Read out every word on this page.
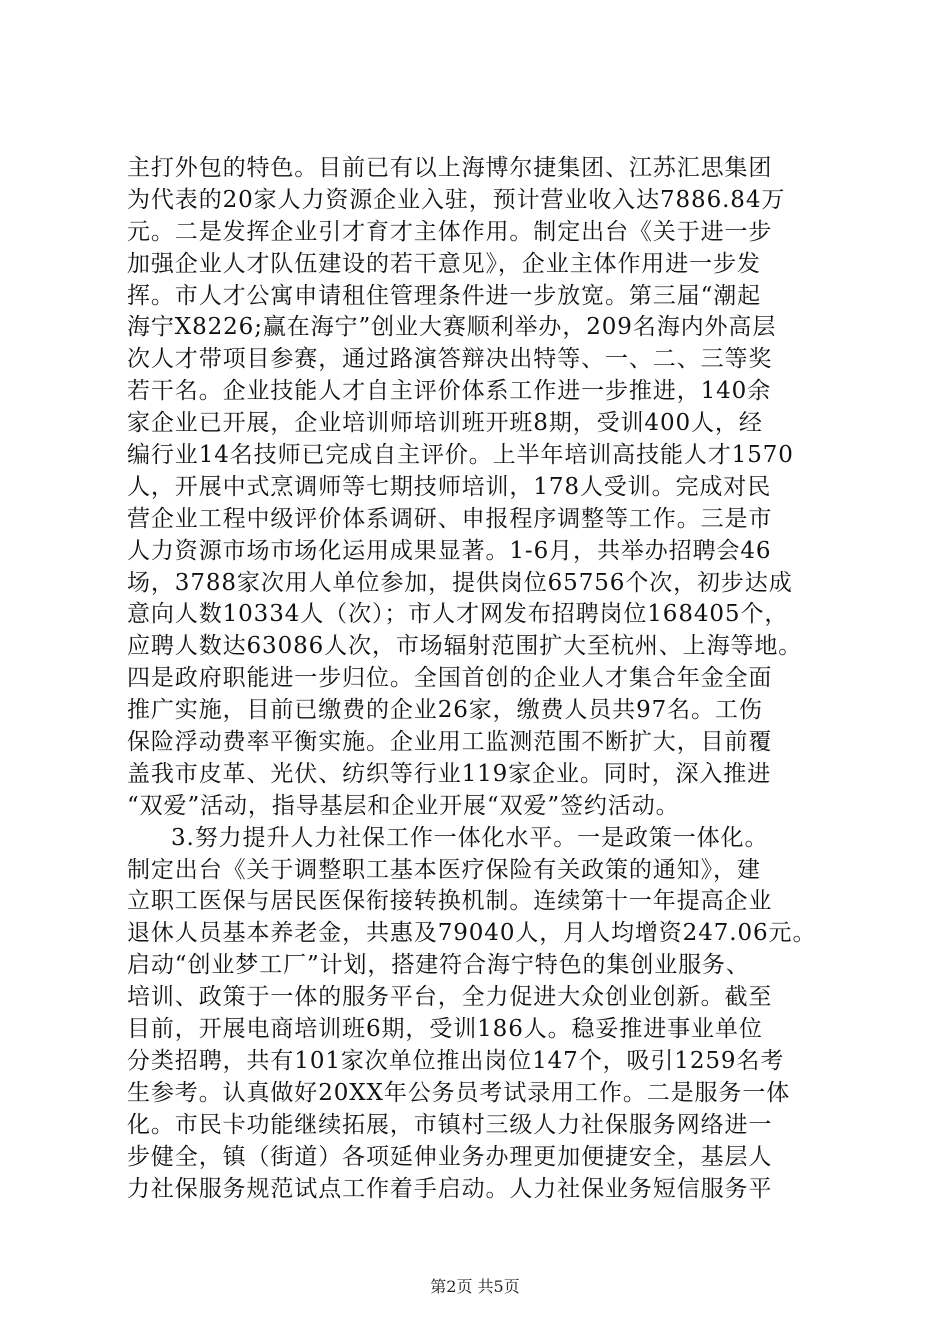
主打外包的特色。目前已有以上海博尔捷集团、江苏汇思集团
为代表的20家人力资源企业入驻，预计营业收入达7886.84万
元。二是发挥企业引才育才主体作用。制定出台《关于进一步
加强企业人才队伍建设的若干意见》，企业主体作用进一步发
挥。市人才公寓申请租住管理条件进一步放宽。第三届“潮起
海宁X8226;赢在海宁”创业大赛顺利举办，209名海内外高层
次人才带项目参赛，通过路演答辩决出特等、一、二、三等奖
若干名。企业技能人才自主评价体系工作进一步推进，140余
家企业已开展，企业培训师培训班开班8期，受训400人，经
编行业14名技师已完成自主评价。上半年培训高技能人才1570
人，开展中式烹调师等七期技师培训，178人受训。完成对民
营企业工程中级评价体系调研、申报程序调整等工作。三是市
人力资源市场市场化运用成果显著。1-6月，共举办招聘会46
场，3788家次用人单位参加，提供岗位65756个次，初步达成
意向人数10334人（次）；市人才网发布招聘岗位168405个，
应聘人数达63086人次，市场辐射范围扩大至杭州、上海等地。
四是政府职能进一步归位。全国首创的企业人才集合年金全面
推广实施，目前已缴费的企业26家，缴费人员共97名。工伤
保险浮动费率平衡实施。企业用工监测范围不断扩大，目前覆
盖我市皮革、光伏、纺织等行业119家企业。同时，深入推进
“双爱”活动，指导基层和企业开展“双爱”签约活动。
3.努力提升人力社保工作一体化水平。一是政策一体化。
制定出台《关于调整职工基本医疗保险有关政策的通知》，建
立职工医保与居民医保衔接转换机制。连续第十一年提高企业
退休人员基本养老金，共惠及79040人，月人均增资247.06元。
启动“创业梦工厂”计划，搭建符合海宁特色的集创业服务、
培训、政策于一体的服务平台，全力促进大众创业创新。截至
目前，开展电商培训班6期，受训186人。稳妥推进事业单位
分类招聘，共有101家次单位推出岗位147个，吸引1259名考
生参考。认真做好20XX年公务员考试录用工作。二是服务一体
化。市民卡功能继续拓展，市镇村三级人力社保服务网络进一
步健全，镇（街道）各项延伸业务办理更加便捷安全，基层人
力社保服务规范试点工作着手启动。人力社保业务短信服务平
第2页 共5页
